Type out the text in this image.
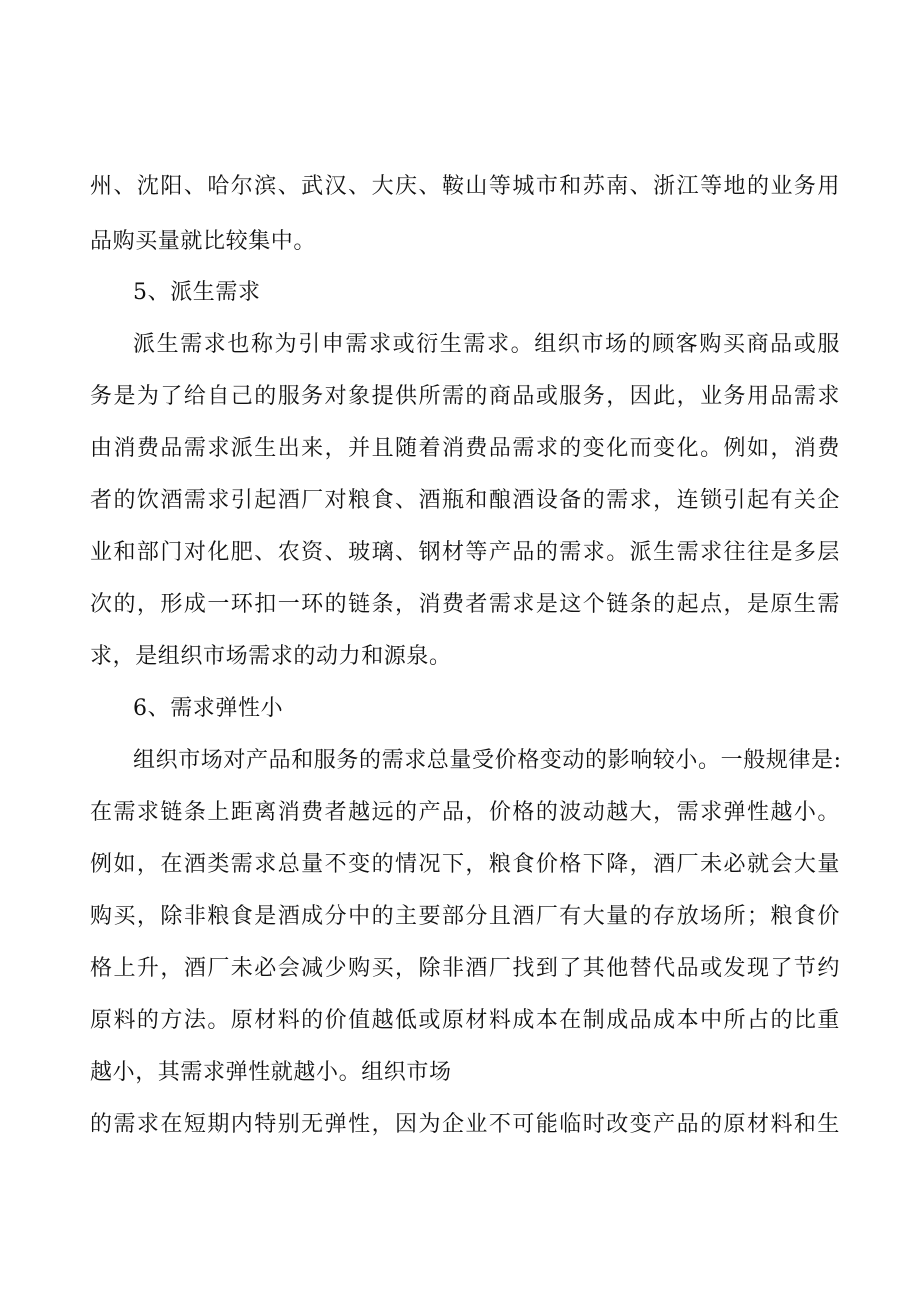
州、沈阳、哈尔滨、武汉、大庆、鞍山等城市和苏南、浙江等地的业务用
品购买量就比较集中。
5、派生需求
派生需求也称为引申需求或衍生需求。组织市场的顾客购买商品或服
务是为了给自己的服务对象提供所需的商品或服务，因此，业务用品需求
由消费品需求派生出来，并且随着消费品需求的变化而变化。例如，消费
者的饮酒需求引起酒厂对粮食、酒瓶和酿酒设备的需求，连锁引起有关企
业和部门对化肥、农资、玻璃、钢材等产品的需求。派生需求往往是多层
次的，形成一环扣一环的链条，消费者需求是这个链条的起点，是原生需
求，是组织市场需求的动力和源泉。
6、需求弹性小
组织市场对产品和服务的需求总量受价格变动的影响较小。一般规律是:
在需求链条上距离消费者越远的产品，价格的波动越大，需求弹性越小。
例如，在酒类需求总量不变的情况下，粮食价格下降，酒厂未必就会大量
购买，除非粮食是酒成分中的主要部分且酒厂有大量的存放场所；粮食价
格上升，酒厂未必会减少购买，除非酒厂找到了其他替代品或发现了节约
原料的方法。原材料的价值越低或原材料成本在制成品成本中所占的比重
越小，其需求弹性就越小。组织市场
的需求在短期内特别无弹性，因为企业不可能临时改变产品的原材料和生
